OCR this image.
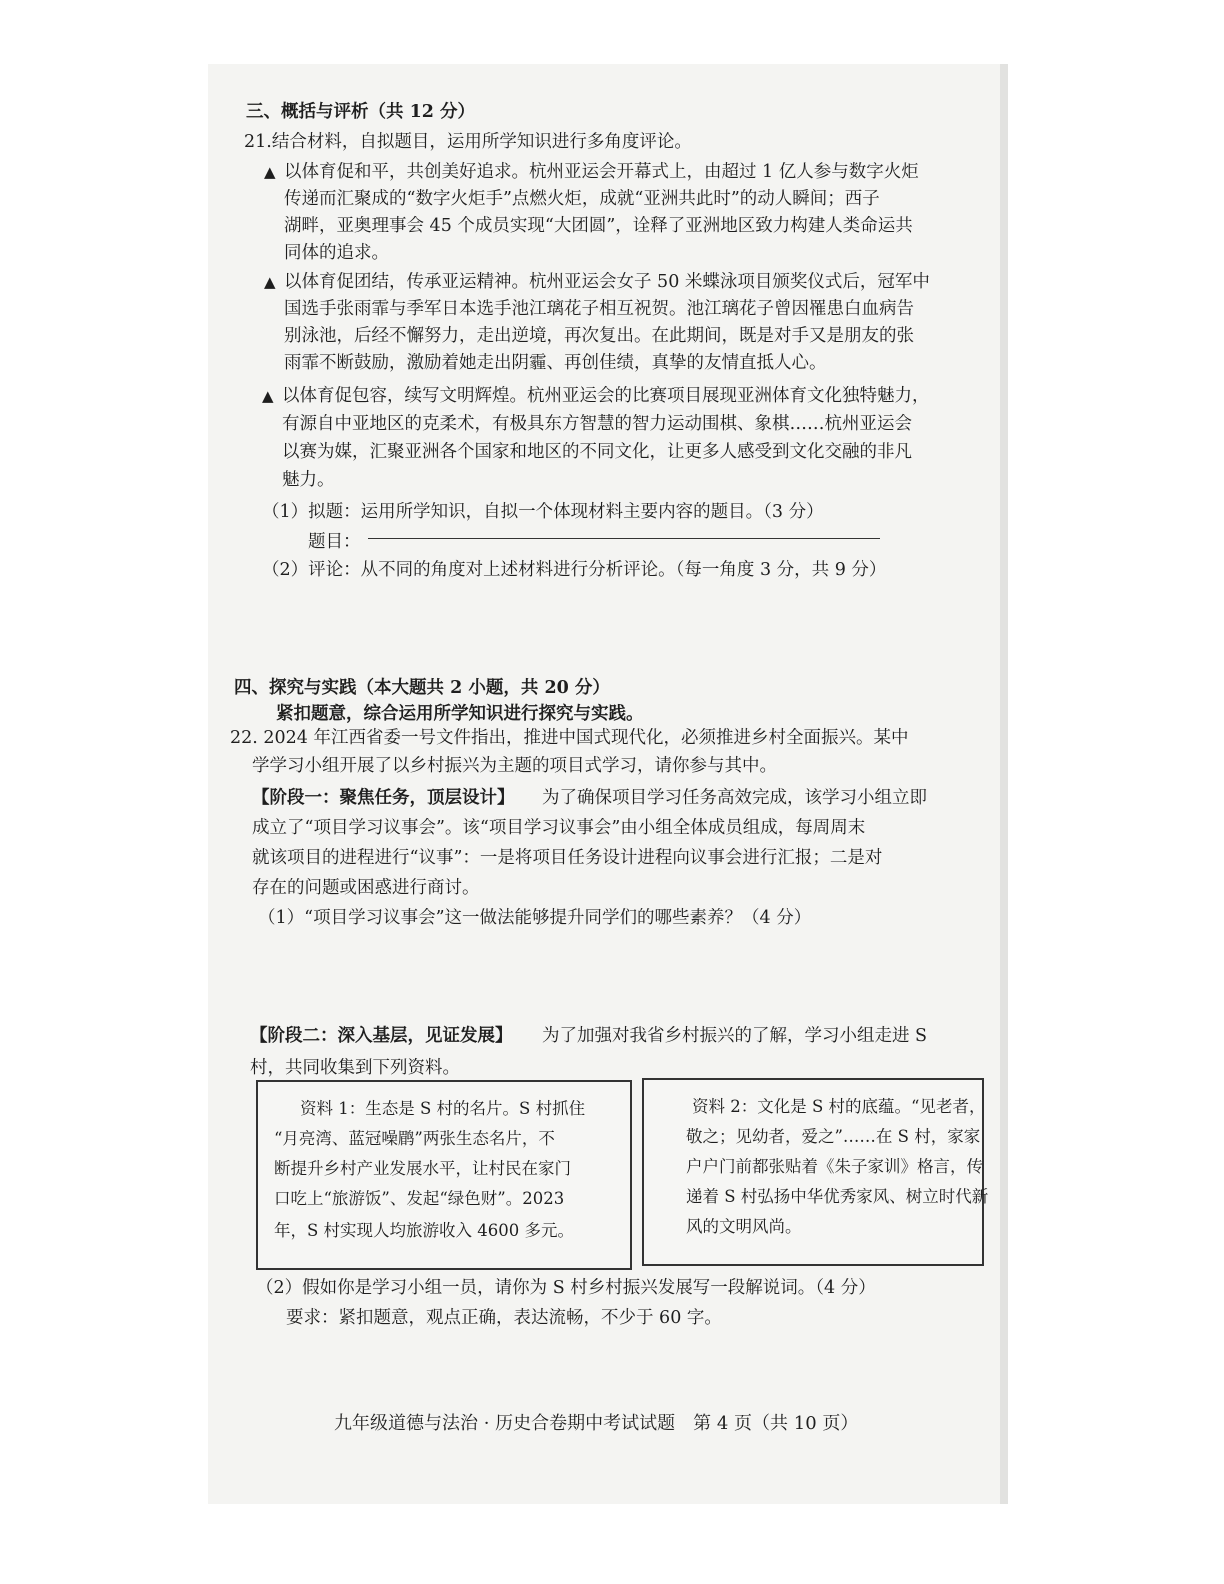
三、概括与评析（共 12 分）
21.结合材料，自拟题目，运用所学知识进行多角度评论。
▲ 以体育促和平，共创美好追求。杭州亚运会开幕式上，由超过 1 亿人参与数字火炬
传递而汇聚成的“数字火炬手”点燃火炬，成就“亚洲共此时”的动人瞬间；西子
湖畔，亚奥理事会 45 个成员实现“大团圆”，诠释了亚洲地区致力构建人类命运共
同体的追求。
▲ 以体育促团结，传承亚运精神。杭州亚运会女子 50 米蝶泳项目颁奖仪式后，冠军中
国选手张雨霏与季军日本选手池江璃花子相互祝贺。池江璃花子曾因罹患白血病告
别泳池，后经不懈努力，走出逆境，再次复出。在此期间，既是对手又是朋友的张
雨霏不断鼓励，激励着她走出阴霾、再创佳绩，真挚的友情直抵人心。
▲ 以体育促包容，续写文明辉煌。杭州亚运会的比赛项目展现亚洲体育文化独特魅力，
有源自中亚地区的克柔术，有极具东方智慧的智力运动围棋、象棋……杭州亚运会
以赛为媒，汇聚亚洲各个国家和地区的不同文化，让更多人感受到文化交融的非凡
魅力。
（1）拟题：运用所学知识，自拟一个体现材料主要内容的题目。（3 分）
题目：
（2）评论：从不同的角度对上述材料进行分析评论。（每一角度 3 分，共 9 分）
四、探究与实践（本大题共 2 小题，共 20 分）
紧扣题意，综合运用所学知识进行探究与实践。
22. 2024 年江西省委一号文件指出，推进中国式现代化，必须推进乡村全面振兴。某中
学学习小组开展了以乡村振兴为主题的项目式学习，请你参与其中。
【阶段一：聚焦任务，顶层设计】 为了确保项目学习任务高效完成，该学习小组立即
成立了“项目学习议事会”。该“项目学习议事会”由小组全体成员组成，每周周末
就该项目的进程进行“议事”：一是将项目任务设计进程向议事会进行汇报；二是对
存在的问题或困惑进行商讨。
（1）“项目学习议事会”这一做法能够提升同学们的哪些素养？（4 分）
【阶段二：深入基层，见证发展】 为了加强对我省乡村振兴的了解，学习小组走进 S
村，共同收集到下列资料。
资料 1：生态是 S 村的名片。S 村抓住
“月亮湾、蓝冠噪鹛”两张生态名片，不
断提升乡村产业发展水平，让村民在家门
口吃上“旅游饭”、发起“绿色财”。2023
年，S 村实现人均旅游收入 4600 多元。
资料 2：文化是 S 村的底蕴。“见老者，
敬之；见幼者，爱之”……在 S 村，家家
户户门前都张贴着《朱子家训》格言，传
递着 S 村弘扬中华优秀家风、树立时代新
风的文明风尚。
（2）假如你是学习小组一员，请你为 S 村乡村振兴发展写一段解说词。（4 分）
要求：紧扣题意，观点正确，表达流畅，不少于 60 字。
九年级道德与法治 · 历史合卷期中考试试题　第 4 页（共 10 页）
